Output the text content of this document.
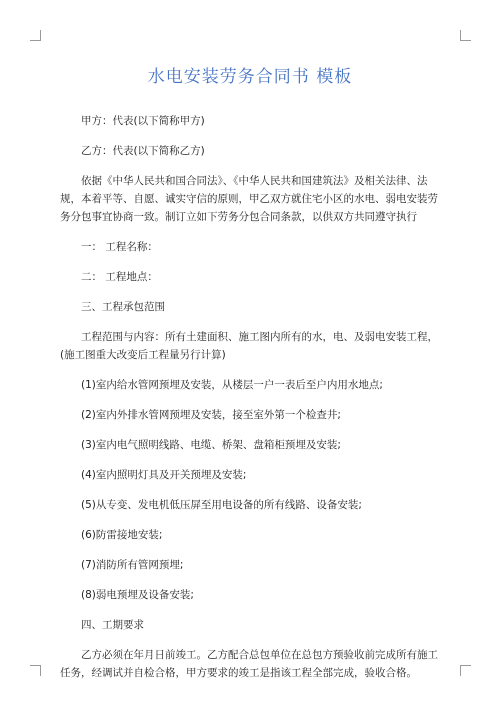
水电安装劳务合同书 模板

甲方：代表(以下简称甲方)

乙方：代表(以下简称乙方)

依据《中华人民共和国合同法》、《中华人民共和国建筑法》及相关法律、法规，本着平等、自愿、诚实守信的原则，甲乙双方就住宅小区的水电、弱电安装劳务分包事宜协商一致。制订立如下劳务分包合同条款，以供双方共同遵守执行

一： 工程名称：

二： 工程地点：

三、工程承包范围

工程范围与内容：所有土建面积、施工图内所有的水，电、及弱电安装工程，(施工图重大改变后工程量另行计算)

(1)室内给水管网预埋及安装，从楼层一户一表后至户内用水地点;

(2)室内外排水管网预埋及安装，接至室外第一个检查井;

(3)室内电气照明线路、电缆、桥架、盘箱柜预埋及安装;

(4)室内照明灯具及开关预埋及安装;

(5)从专变、发电机低压屏至用电设备的所有线路、设备安装;

(6)防雷接地安装;

(7)消防所有管网预埋;

(8)弱电预埋及设备安装;

四、工期要求

乙方必须在年月日前竣工。乙方配合总包单位在总包方预验收前完成所有施工任务，经调试并自检合格，甲方要求的竣工是指该工程全部完成，验收合格。
